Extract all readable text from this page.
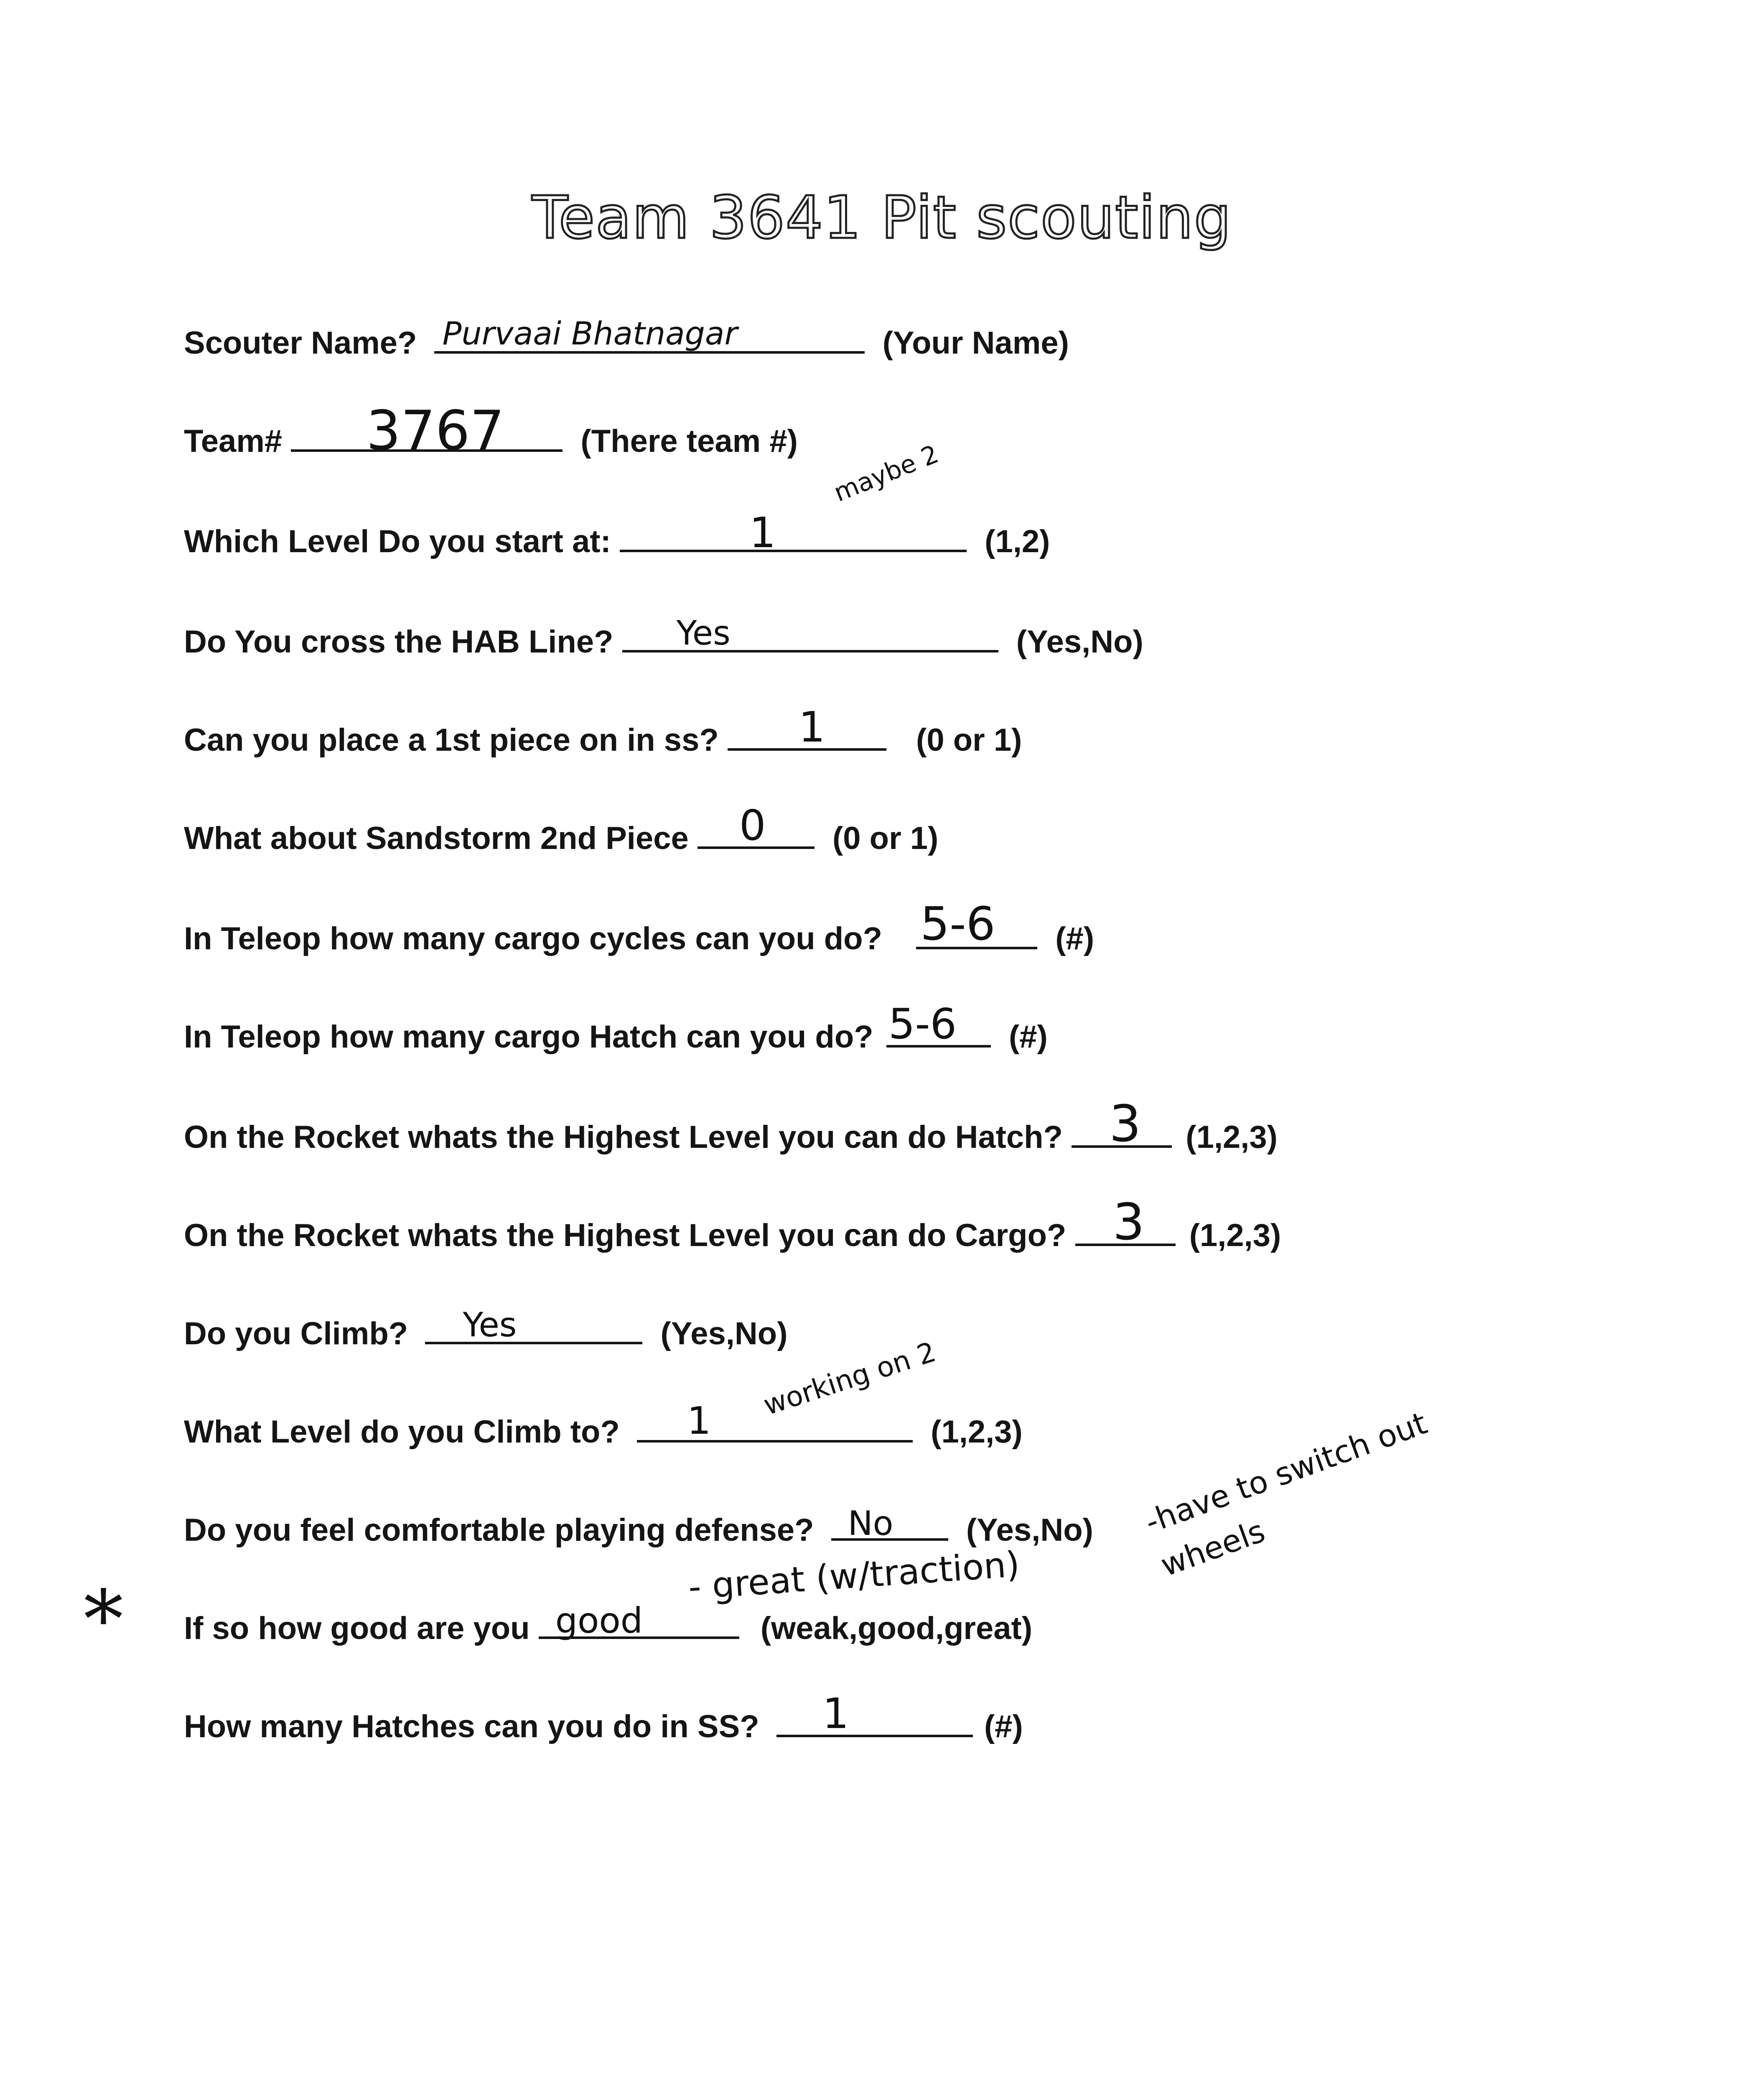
Team 3641 Pit scouting
Scouter Name? Purvaai Bhatnagar	(Your Name)
Team# 3767 (There team #)
Which Level Do you start at:	1	(1,2)
maybe 2
Do You cross the HAB Line? Yes	(Yes,No)
Can you place a 1st piece on in ss? 1	(0 or 1)
What about Sandstorm 2nd Piece 0 (0 or 1)
In Teleop how many cargo cycles can you do? 5-6 (#)
In Teleop how many cargo Hatch can you do? 5-6 (#)
On the Rocket whats the Highest Level you can do Hatch? 3 (1,2,3)
On the Rocket whats the Highest Level you can do Cargo? 3 (1,2,3)
Do you Climb? Yes	(Yes,No)
What Level do you Climb to? 1	(1,2,3)
working on 2
Do you feel comfortable playing defense? No (Yes,No) -have to switch out wheels
If so how good are you good	(weak,good,great)
- great (w/traction)
How many Hatches can you do in SS? 1	(#)
*
